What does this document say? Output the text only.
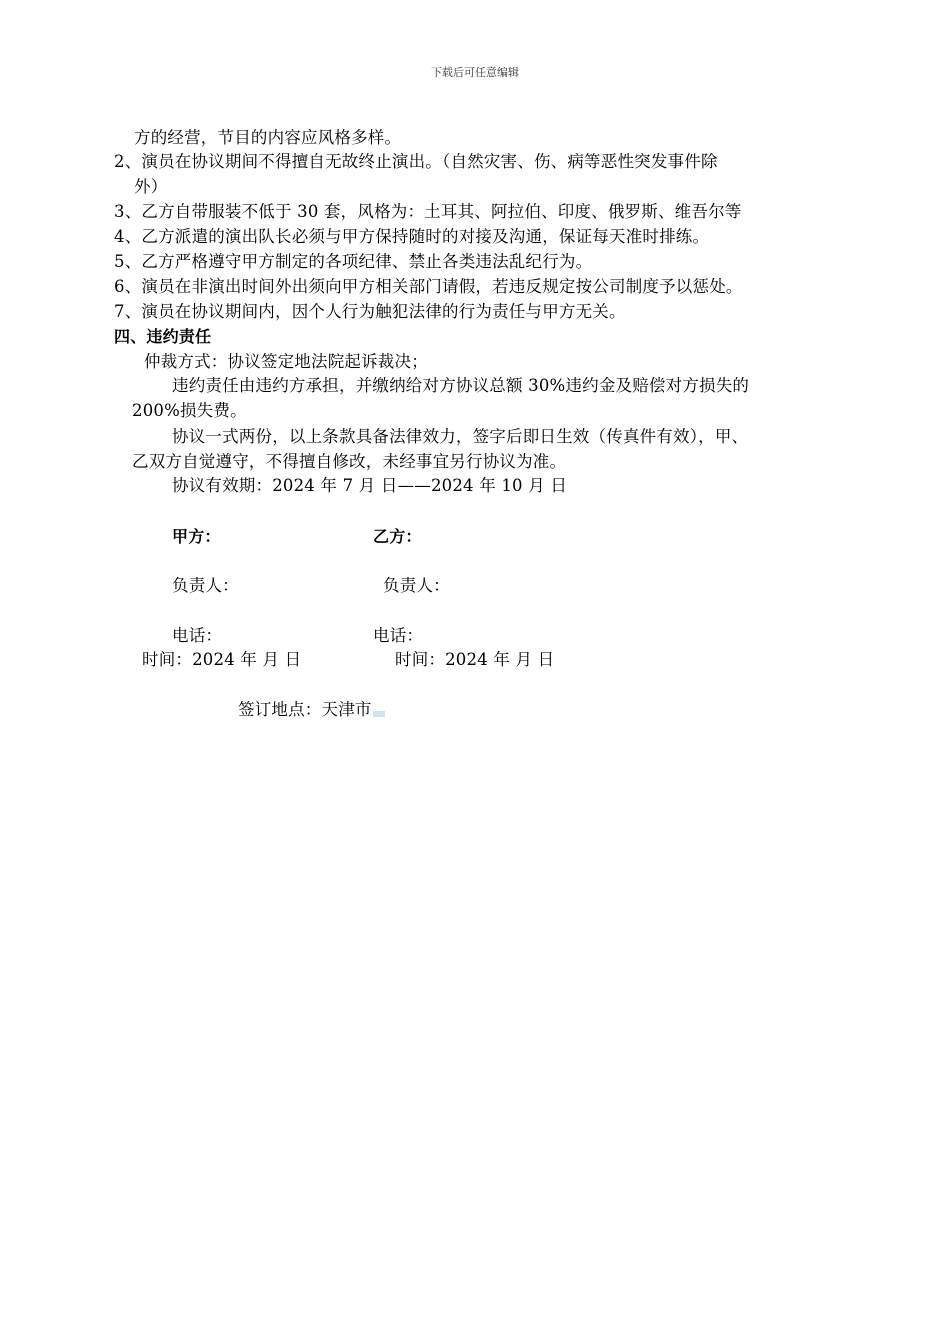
下载后可任意编辑
方的经营，节目的内容应风格多样。
2、演员在协议期间不得擅自无故终止演出。（自然灾害、伤、病等恶性突发事件除
外）
3、乙方自带服装不低于 30 套，风格为：土耳其、阿拉伯、印度、俄罗斯、维吾尔等
4、乙方派遣的演出队长必须与甲方保持随时的对接及沟通，保证每天准时排练。
5、乙方严格遵守甲方制定的各项纪律、禁止各类违法乱纪行为。
6、演员在非演出时间外出须向甲方相关部门请假，若违反规定按公司制度予以惩处。
7、演员在协议期间内，因个人行为触犯法律的行为责任与甲方无关。
四、违约责任
仲裁方式：协议签定地法院起诉裁决；
违约责任由违约方承担，并缴纳给对方协议总额 30%违约金及赔偿对方损失的
200%损失费。
协议一式两份，以上条款具备法律效力，签字后即日生效（传真件有效），甲、
乙双方自觉遵守，不得擅自修改，未经事宜另行协议为准。
协议有效期：2024 年 7 月 日——2024 年 10 月 日
甲方：	乙方：
负责人：	负责人：
电话：	电话：
时间：2024 年 月 日	时间：2024 年 月 日
签订地点：天津市
